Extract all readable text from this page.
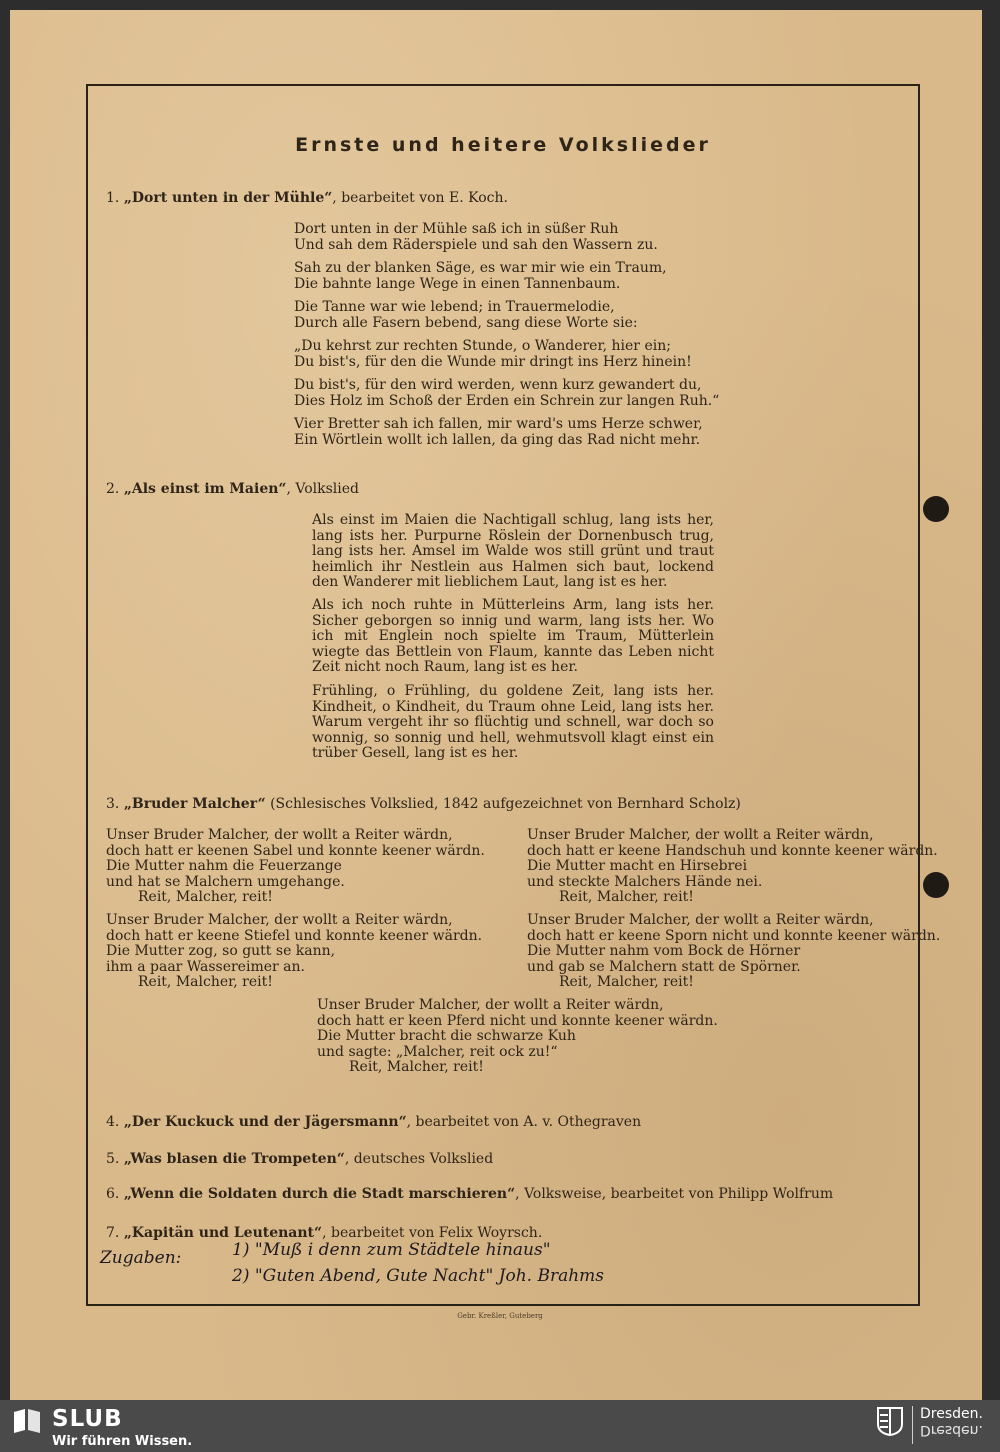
Ernste und heitere Volkslieder
1. „Dort unten in der Mühle“, bearbeitet von E. Koch.
Dort unten in der Mühle saß ich in süßer Ruh
Und sah dem Räderspiele und sah den Wassern zu.
Sah zu der blanken Säge, es war mir wie ein Traum,
Die bahnte lange Wege in einen Tannenbaum.
Die Tanne war wie lebend; in Trauermelodie,
Durch alle Fasern bebend, sang diese Worte sie:
„Du kehrst zur rechten Stunde, o Wanderer, hier ein;
Du bist's, für den die Wunde mir dringt ins Herz hinein!
Du bist's, für den wird werden, wenn kurz gewandert du,
Dies Holz im Schoß der Erden ein Schrein zur langen Ruh.“
Vier Bretter sah ich fallen, mir ward's ums Herze schwer,
Ein Wörtlein wollt ich lallen, da ging das Rad nicht mehr.
2. „Als einst im Maien“, Volkslied
Als einst im Maien die Nachtigall schlug, lang ists her, lang ists her. Purpurne Röslein der Dornenbusch trug, lang ists her. Amsel im Walde wos still grünt und traut heimlich ihr Nestlein aus Halmen sich baut, lockend den Wanderer mit lieblichem Laut, lang ist es her.
Als ich noch ruhte in Mütterleins Arm, lang ists her. Sicher geborgen so innig und warm, lang ists her. Wo ich mit Englein noch spielte im Traum, Mütterlein wiegte das Bettlein von Flaum, kannte das Leben nicht Zeit nicht noch Raum, lang ist es her.
Frühling, o Frühling, du goldene Zeit, lang ists her. Kindheit, o Kindheit, du Traum ohne Leid, lang ists her. Warum vergeht ihr so flüchtig und schnell, war doch so wonnig, so sonnig und hell, wehmutsvoll klagt einst ein trüber Gesell, lang ist es her.
3. „Bruder Malcher“ (Schlesisches Volkslied, 1842 aufgezeichnet von Bernhard Scholz)
Unser Bruder Malcher, der wollt a Reiter wärdn,
doch hatt er keenen Sabel und konnte keener wärdn.
Die Mutter nahm die Feuerzange
und hat se Malchern umgehange.
Reit, Malcher, reit!
Unser Bruder Malcher, der wollt a Reiter wärdn,
doch hatt er keene Stiefel und konnte keener wärdn.
Die Mutter zog, so gutt se kann,
ihm a paar Wassereimer an.
Reit, Malcher, reit!
Unser Bruder Malcher, der wollt a Reiter wärdn,
doch hatt er keene Handschuh und konnte keener wärdn.
Die Mutter macht en Hirsebrei
und steckte Malchers Hände nei.
Reit, Malcher, reit!
Unser Bruder Malcher, der wollt a Reiter wärdn,
doch hatt er keene Sporn nicht und konnte keener wärdn.
Die Mutter nahm vom Bock de Hörner
und gab se Malchern statt de Spörner.
Reit, Malcher, reit!
Unser Bruder Malcher, der wollt a Reiter wärdn,
doch hatt er keen Pferd nicht und konnte keener wärdn.
Die Mutter bracht die schwarze Kuh
und sagte: „Malcher, reit ock zu!“
Reit, Malcher, reit!
4. „Der Kuckuck und der Jägersmann“, bearbeitet von A. v. Othegraven
5. „Was blasen die Trompeten“, deutsches Volkslied
6. „Wenn die Soldaten durch die Stadt marschieren“, Volksweise, bearbeitet von Philipp Wolfrum
7. „Kapitän und Leutenant“, bearbeitet von Felix Woyrsch.
Zugaben:	1) "Muß i denn zum Städtele hinaus"
2) "Guten Abend, Gute Nacht" Joh. Brahms
Gebr. Kreßler, Guteberg
SLUB
Wir führen Wissen.
Dresden.
Dresden.
